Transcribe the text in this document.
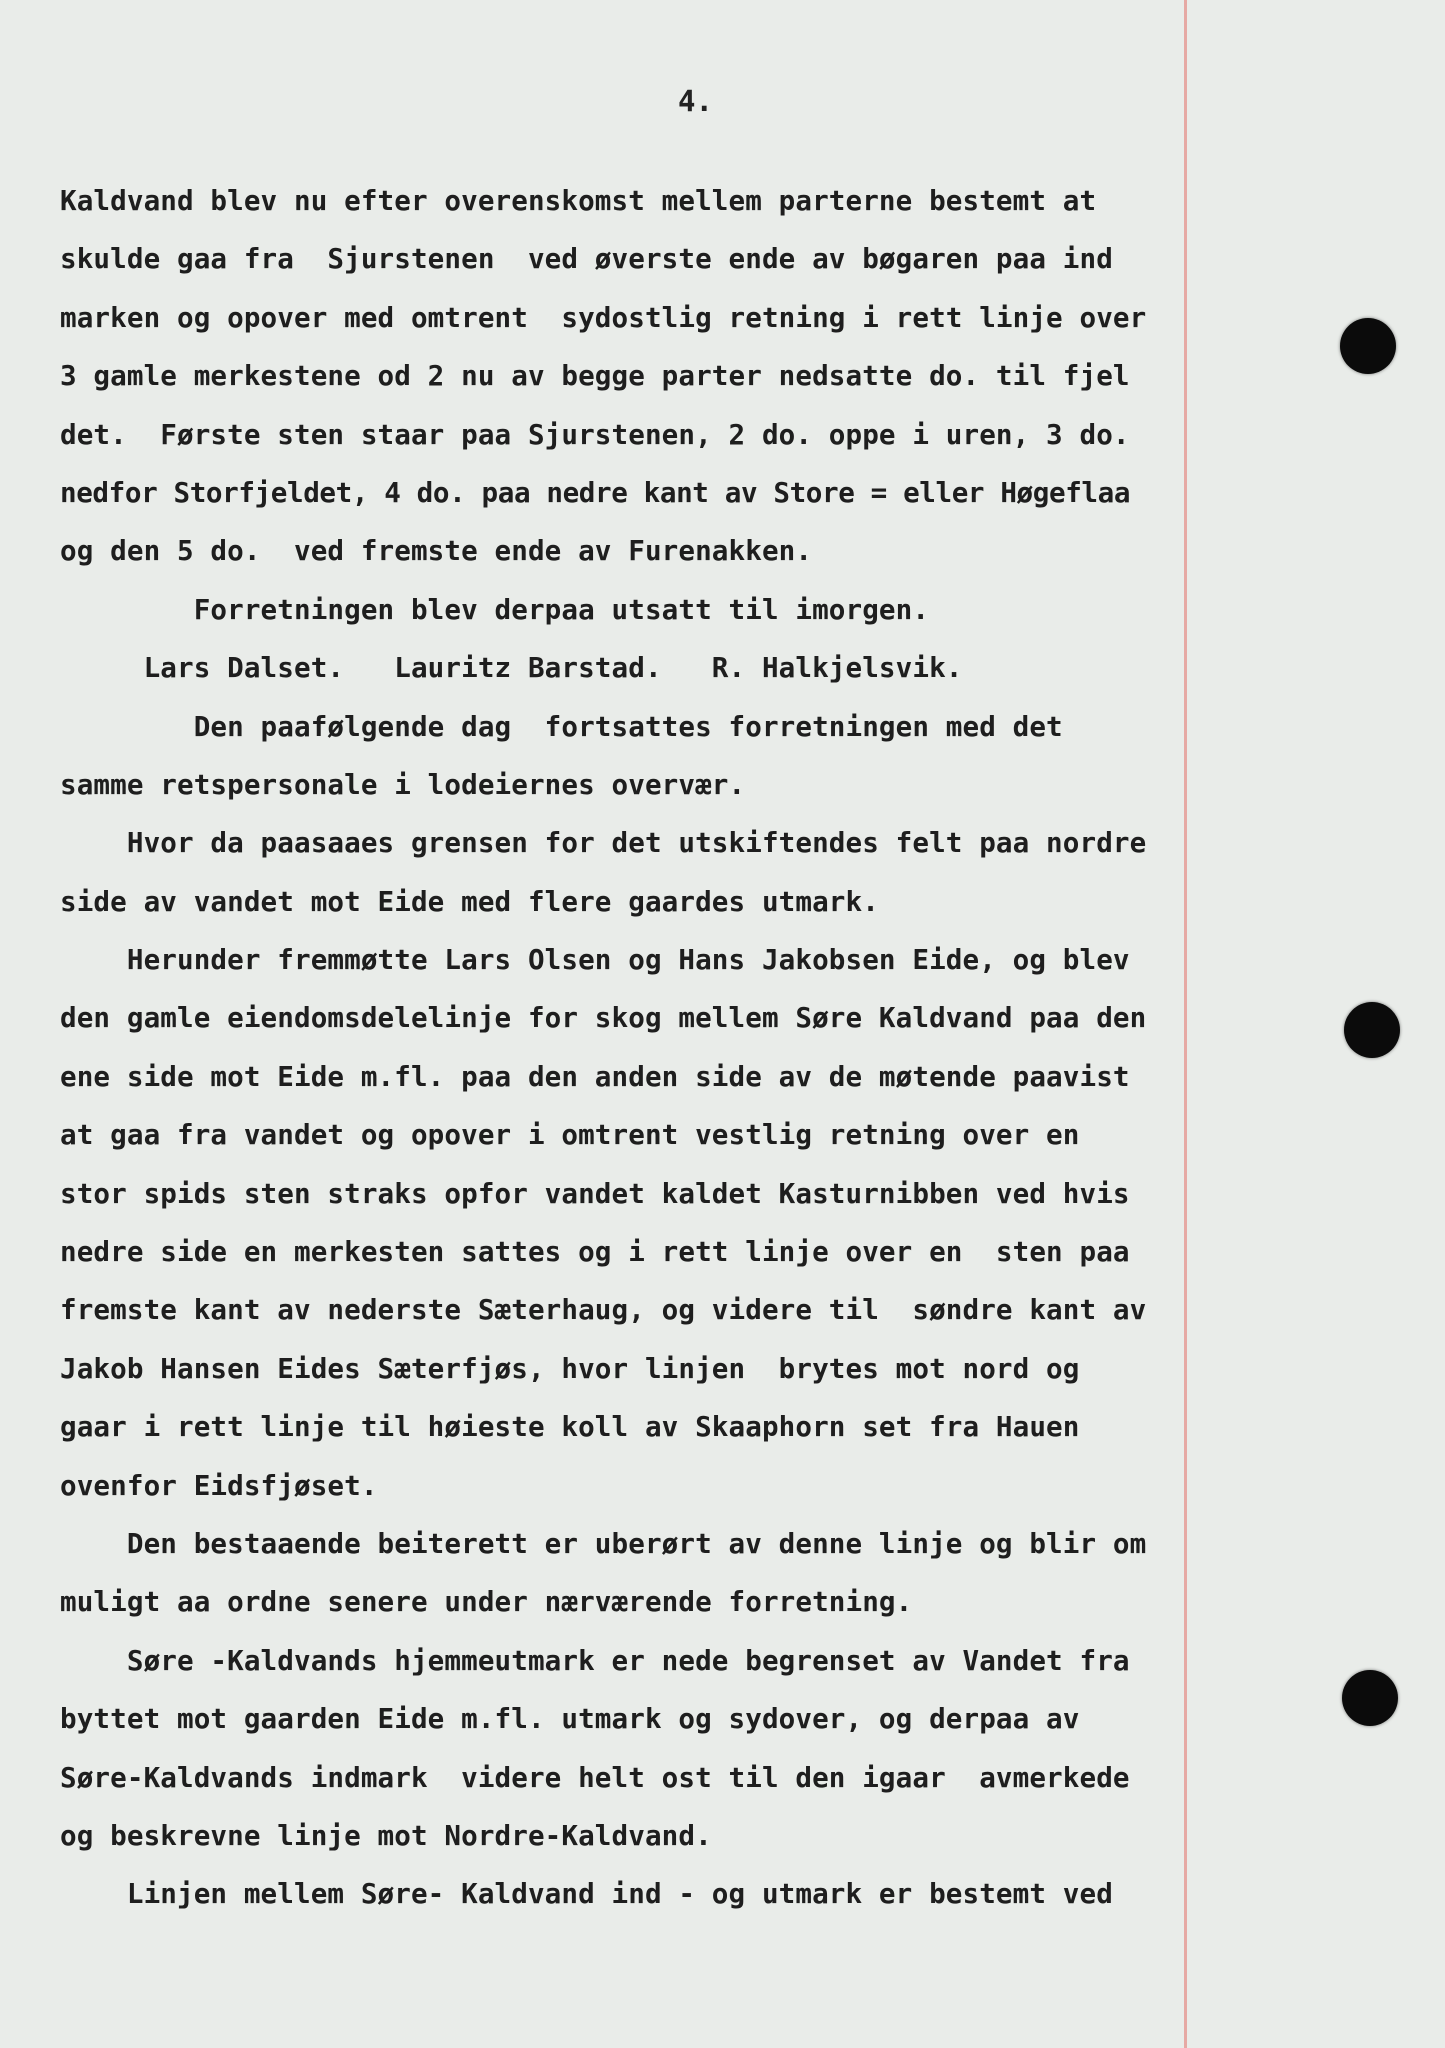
4.
Kaldvand blev nu efter overenskomst mellem parterne bestemt at
skulde gaa fra  Sjurstenen  ved øverste ende av bøgaren paa ind
marken og opover med omtrent  sydostlig retning i rett linje over
3 gamle merkestene od 2 nu av begge parter nedsatte do. til fjel
det.  Første sten staar paa Sjurstenen, 2 do. oppe i uren, 3 do.
nedfor Storfjeldet, 4 do. paa nedre kant av Store = eller Høgeflaa
og den 5 do.  ved fremste ende av Furenakken.
Forretningen blev derpaa utsatt til imorgen.
Lars Dalset.   Lauritz Barstad.   R. Halkjelsvik.
Den paafølgende dag  fortsattes forretningen med det
samme retspersonale i lodeiernes overvær.
Hvor da paasaaes grensen for det utskiftendes felt paa nordre
side av vandet mot Eide med flere gaardes utmark.
Herunder fremmøtte Lars Olsen og Hans Jakobsen Eide, og blev
den gamle eiendomsdelelinje for skog mellem Søre Kaldvand paa den
ene side mot Eide m.fl. paa den anden side av de møtende paavist
at gaa fra vandet og opover i omtrent vestlig retning over en
stor spids sten straks opfor vandet kaldet Kasturnibben ved hvis
nedre side en merkesten sattes og i rett linje over en  sten paa
fremste kant av nederste Sæterhaug, og videre til  søndre kant av
Jakob Hansen Eides Sæterfjøs, hvor linjen  brytes mot nord og
gaar i rett linje til høieste koll av Skaaphorn set fra Hauen
ovenfor Eidsfjøset.
Den bestaaende beiterett er uberørt av denne linje og blir om
muligt aa ordne senere under nærværende forretning.
Søre -Kaldvands hjemmeutmark er nede begrenset av Vandet fra
byttet mot gaarden Eide m.fl. utmark og sydover, og derpaa av
Søre-Kaldvands indmark  videre helt ost til den igaar  avmerkede
og beskrevne linje mot Nordre-Kaldvand.
Linjen mellem Søre- Kaldvand ind - og utmark er bestemt ved
